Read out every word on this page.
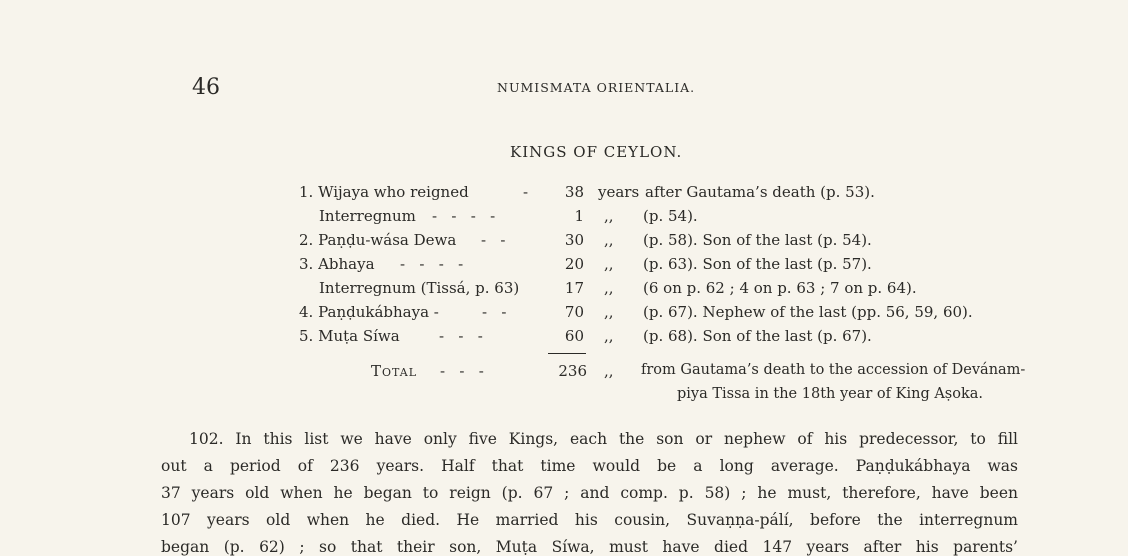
46	NUMISMATA ORIENTALIA.
KINGS OF CEYLON.
1. Wijaya who reigned	-	38 years after Gautama’s death (p. 53).
Interregnum -   -   -   -	1 ,, (p. 54).
2. Paṇḍu-wása Dewa -   -	30 ,, (p. 58). Son of the last (p. 54).
3. Abhaya -   -   -   -	20 ,, (p. 63). Son of the last (p. 57).
Interregnum (Tissá, p. 63)	17 ,, (6 on p. 62 ; 4 on p. 63 ; 7 on p. 64).
4. Paṇḍukábhaya -	-   -	70 ,, (p. 67). Nephew of the last (pp. 56, 59, 60).
5. Muṭa Síwa	-   -   -	60 ,, (p. 68). Son of the last (p. 67).
Total -   -   -	236 ,, from Gautama’s death to the accession of Devánam-
piya Tissa in the 18th year of King Aṣoka.
102. In this list we have only five Kings, each the son or nephew of his predecessor, to fill
out a period of 236 years. Half that time would be a long average. Paṇḍukábhaya was
37 years old when he began to reign (p. 67 ; and comp. p. 58) ; he must, therefore, have been
107 years old when he died. He married his cousin, Suvaṇṇa-pálí, before the interregnum
began (p. 62) ; so that their son, Muṭa Síwa, must have died 147 years after his parents’
